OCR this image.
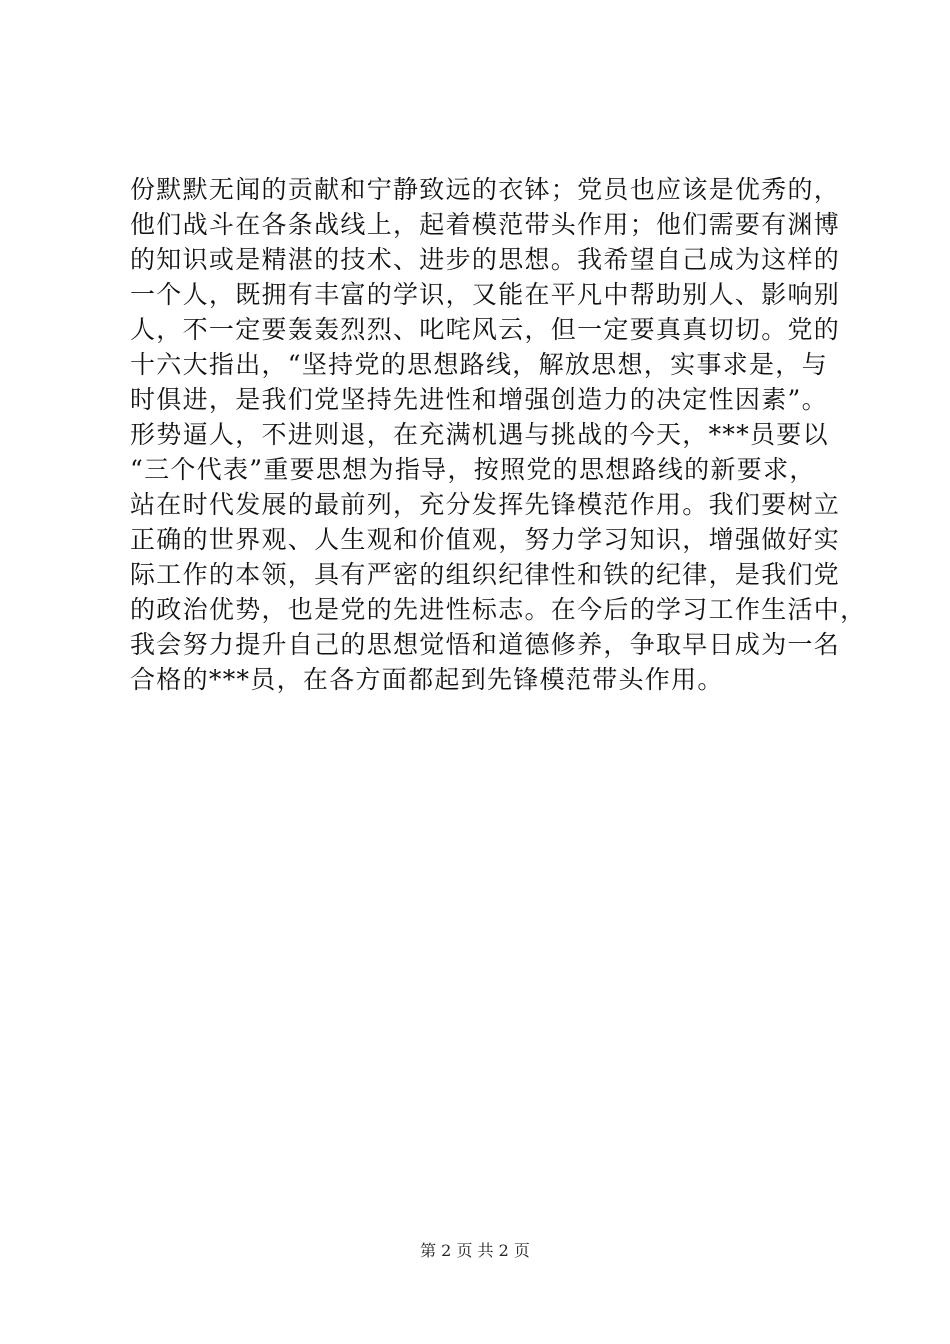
份默默无闻的贡献和宁静致远的衣钵；党员也应该是优秀的，
他们战斗在各条战线上，起着模范带头作用；他们需要有渊博
的知识或是精湛的技术、进步的思想。我希望自己成为这样的
一个人，既拥有丰富的学识，又能在平凡中帮助别人、影响别
人，不一定要轰轰烈烈、叱咤风云，但一定要真真切切。党的
十六大指出，“坚持党的思想路线，解放思想，实事求是，与
时俱进，是我们党坚持先进性和增强创造力的决定性因素”。
形势逼人，不进则退，在充满机遇与挑战的今天，***员要以
“三个代表”重要思想为指导，按照党的思想路线的新要求，
站在时代发展的最前列，充分发挥先锋模范作用。我们要树立
正确的世界观、人生观和价值观，努力学习知识，增强做好实
际工作的本领，具有严密的组织纪律性和铁的纪律，是我们党
的政治优势，也是党的先进性标志。在今后的学习工作生活中，
我会努力提升自己的思想觉悟和道德修养，争取早日成为一名
合格的***员，在各方面都起到先锋模范带头作用。
第 2 页 共 2 页
